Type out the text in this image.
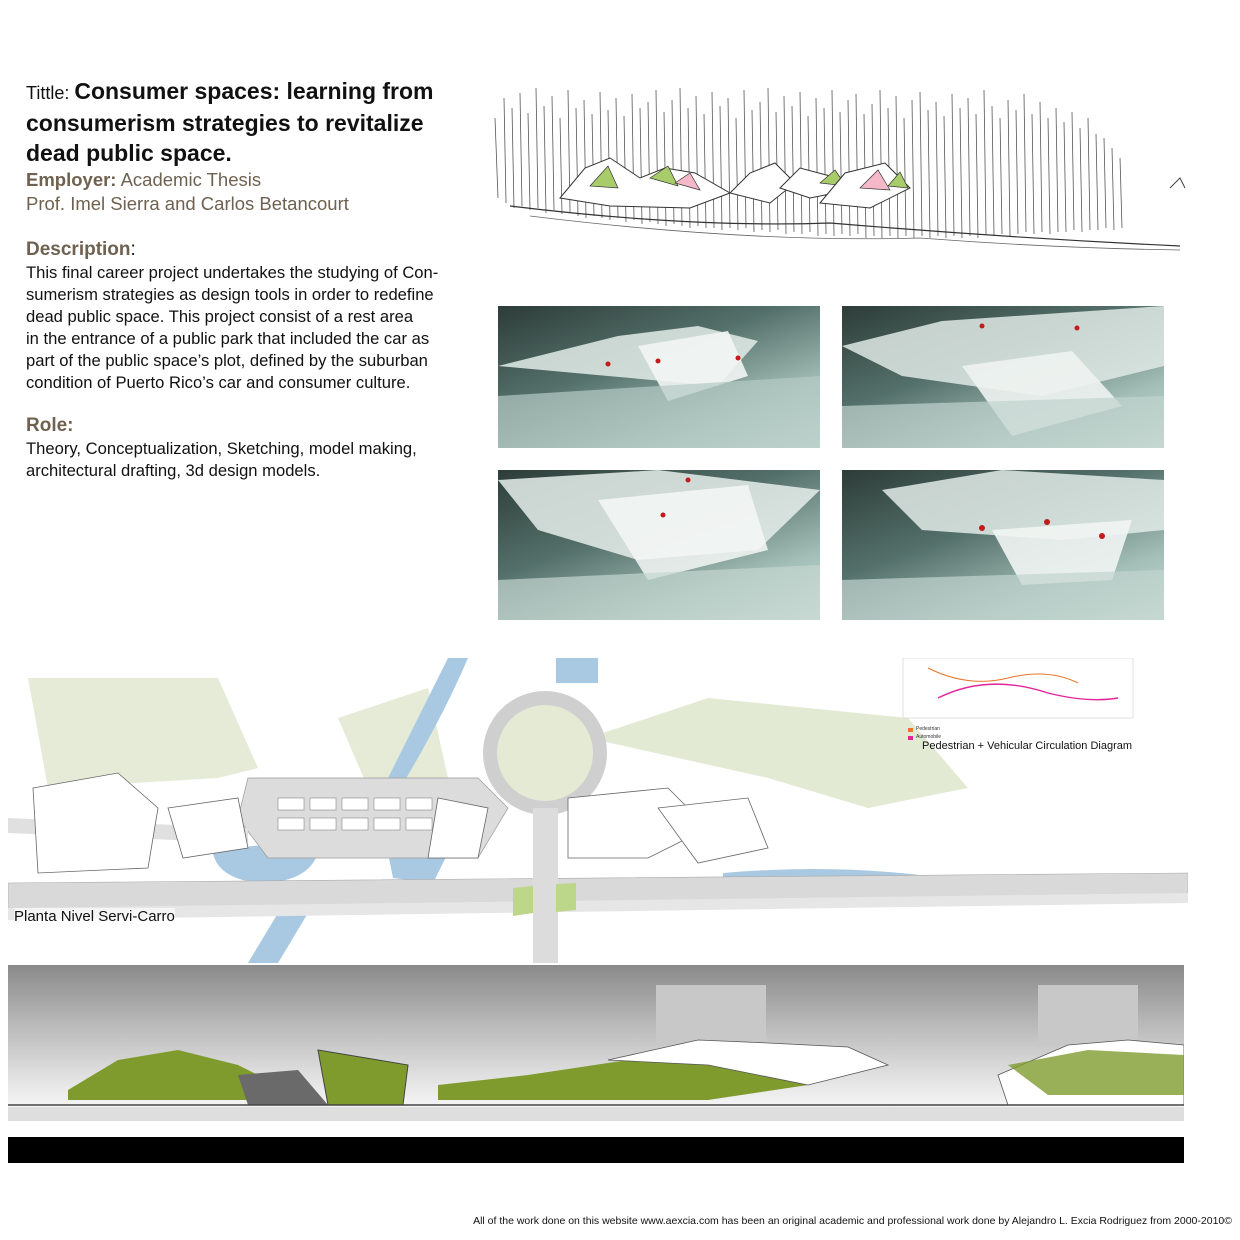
Tittle: Consumer spaces: learning from

consumerism strategies to revitalize

dead public space.

Employer: Academic Thesis
Prof. Imel Sierra and Carlos Betancourt
Description:
This final career project undertakes the studying of Con-
sumerism strategies as design tools in order to redefine
dead public space. This project consist of a rest area
in the entrance of a public park that included the car as
part of the public space’s plot, defined by the suburban
condition of Puerto Rico’s car and consumer culture.
Role:
Theory, Conceptualization, Sketching, model making,
architectural drafting, 3d design models.
Pedestrian
Automobile
Pedestrian + Vehicular Circulation Diagram
Planta Nivel Servi-Carro
All of the work done on this website www.aexcia.com has been an original academic and professional work done by Alejandro L. Excia Rodriguez from 2000-2010©
